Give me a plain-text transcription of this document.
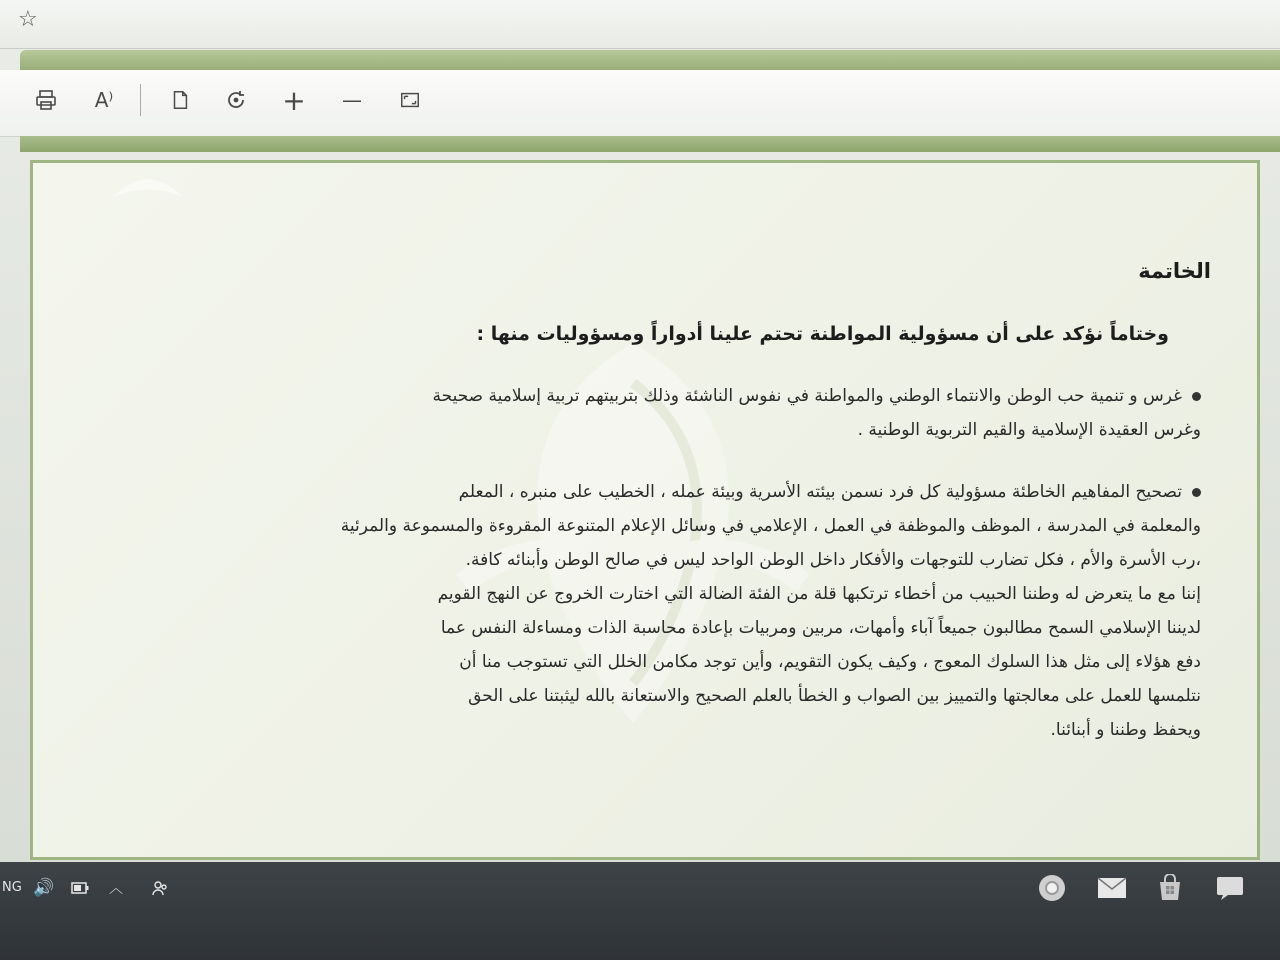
☆
A⁾	+ —
الخاتمة
وختاماً نؤكد على أن مسؤولية المواطنة تحتم علينا أدواراً ومسؤوليات منها :
غرس و تنمية حب الوطن والانتماء الوطني والمواطنة في نفوس الناشئة وذلك بتربيتهم تربية إسلامية صحيحة
وغرس العقيدة الإسلامية والقيم التربوية الوطنية .
تصحيح المفاهيم الخاطئة مسؤولية كل فرد نسمن بيئته الأسرية وبيئة عمله ، الخطيب على منبره ، المعلم
والمعلمة في المدرسة ، الموظف والموظفة في العمل ، الإعلامي في وسائل الإعلام المتنوعة المقروءة والمسموعة والمرئية
،رب الأسرة والأم ، فكل تضارب للتوجهات والأفكار داخل الوطن الواحد ليس في صالح الوطن وأبنائه كافة.
إننا مع ما يتعرض له وطننا الحبيب من أخطاء ترتكبها قلة من الفئة الضالة التي اختارت الخروج عن النهج القويم
لديننا الإسلامي السمح مطالبون جميعاً آباء وأمهات، مربين ومربيات بإعادة محاسبة الذات ومساءلة النفس عما
دفع هؤلاء إلى مثل هذا السلوك المعوج ، وكيف يكون التقويم، وأين توجد مكامن الخلل التي تستوجب منا أن
نتلمسها للعمل على معالجتها والتمييز بين الصواب و الخطأ بالعلم الصحيح والاستعانة بالله ليثبتنا على الحق
ويحفظ وطننا و أبنائنا.
NG 🔊	︿
